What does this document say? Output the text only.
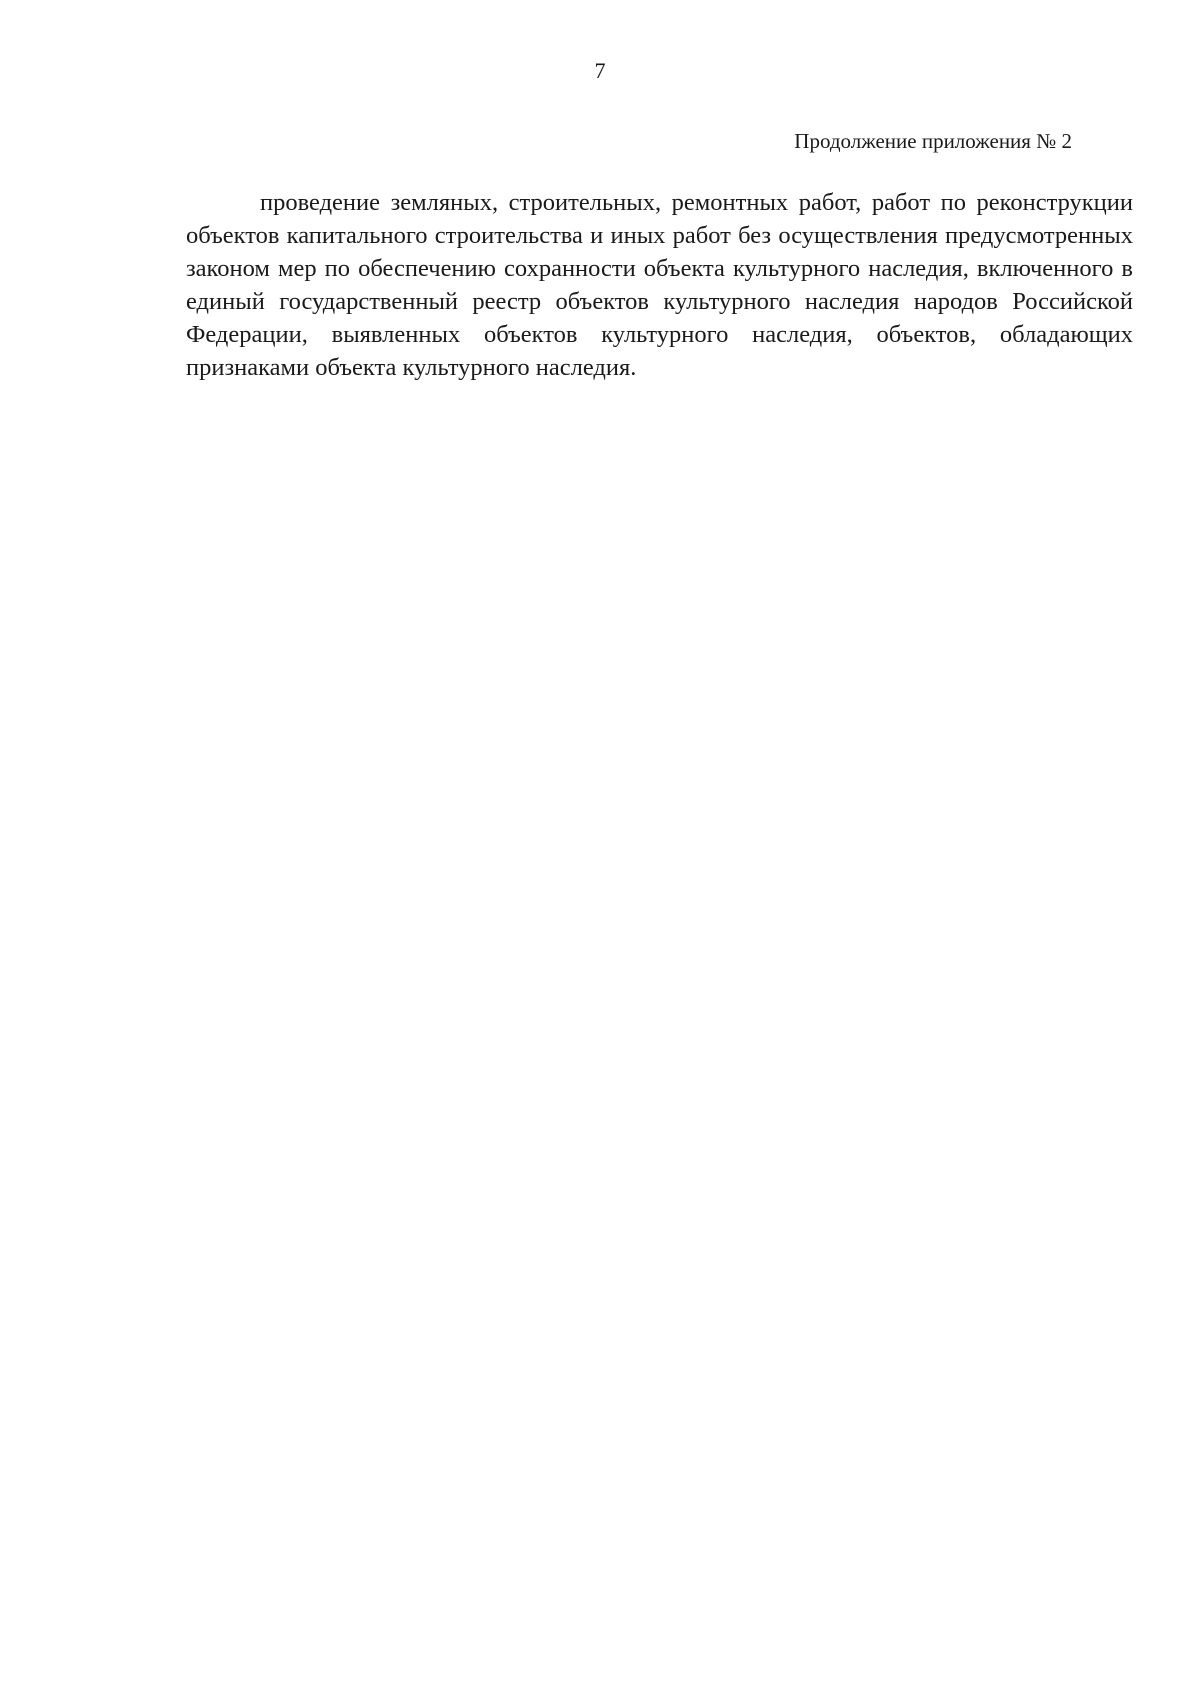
7
Продолжение приложения № 2

проведение земляных, строительных, ремонтных работ, работ по реконструкции объектов капитального строительства и иных работ без осуществления предусмотренных законом мер по обеспечению сохранности объекта культурного наследия, включенного в единый государственный реестр объектов культурного наследия народов Российской Федерации, выявленных объектов культурного наследия, объектов, обладающих признаками объекта культурного наследия.
